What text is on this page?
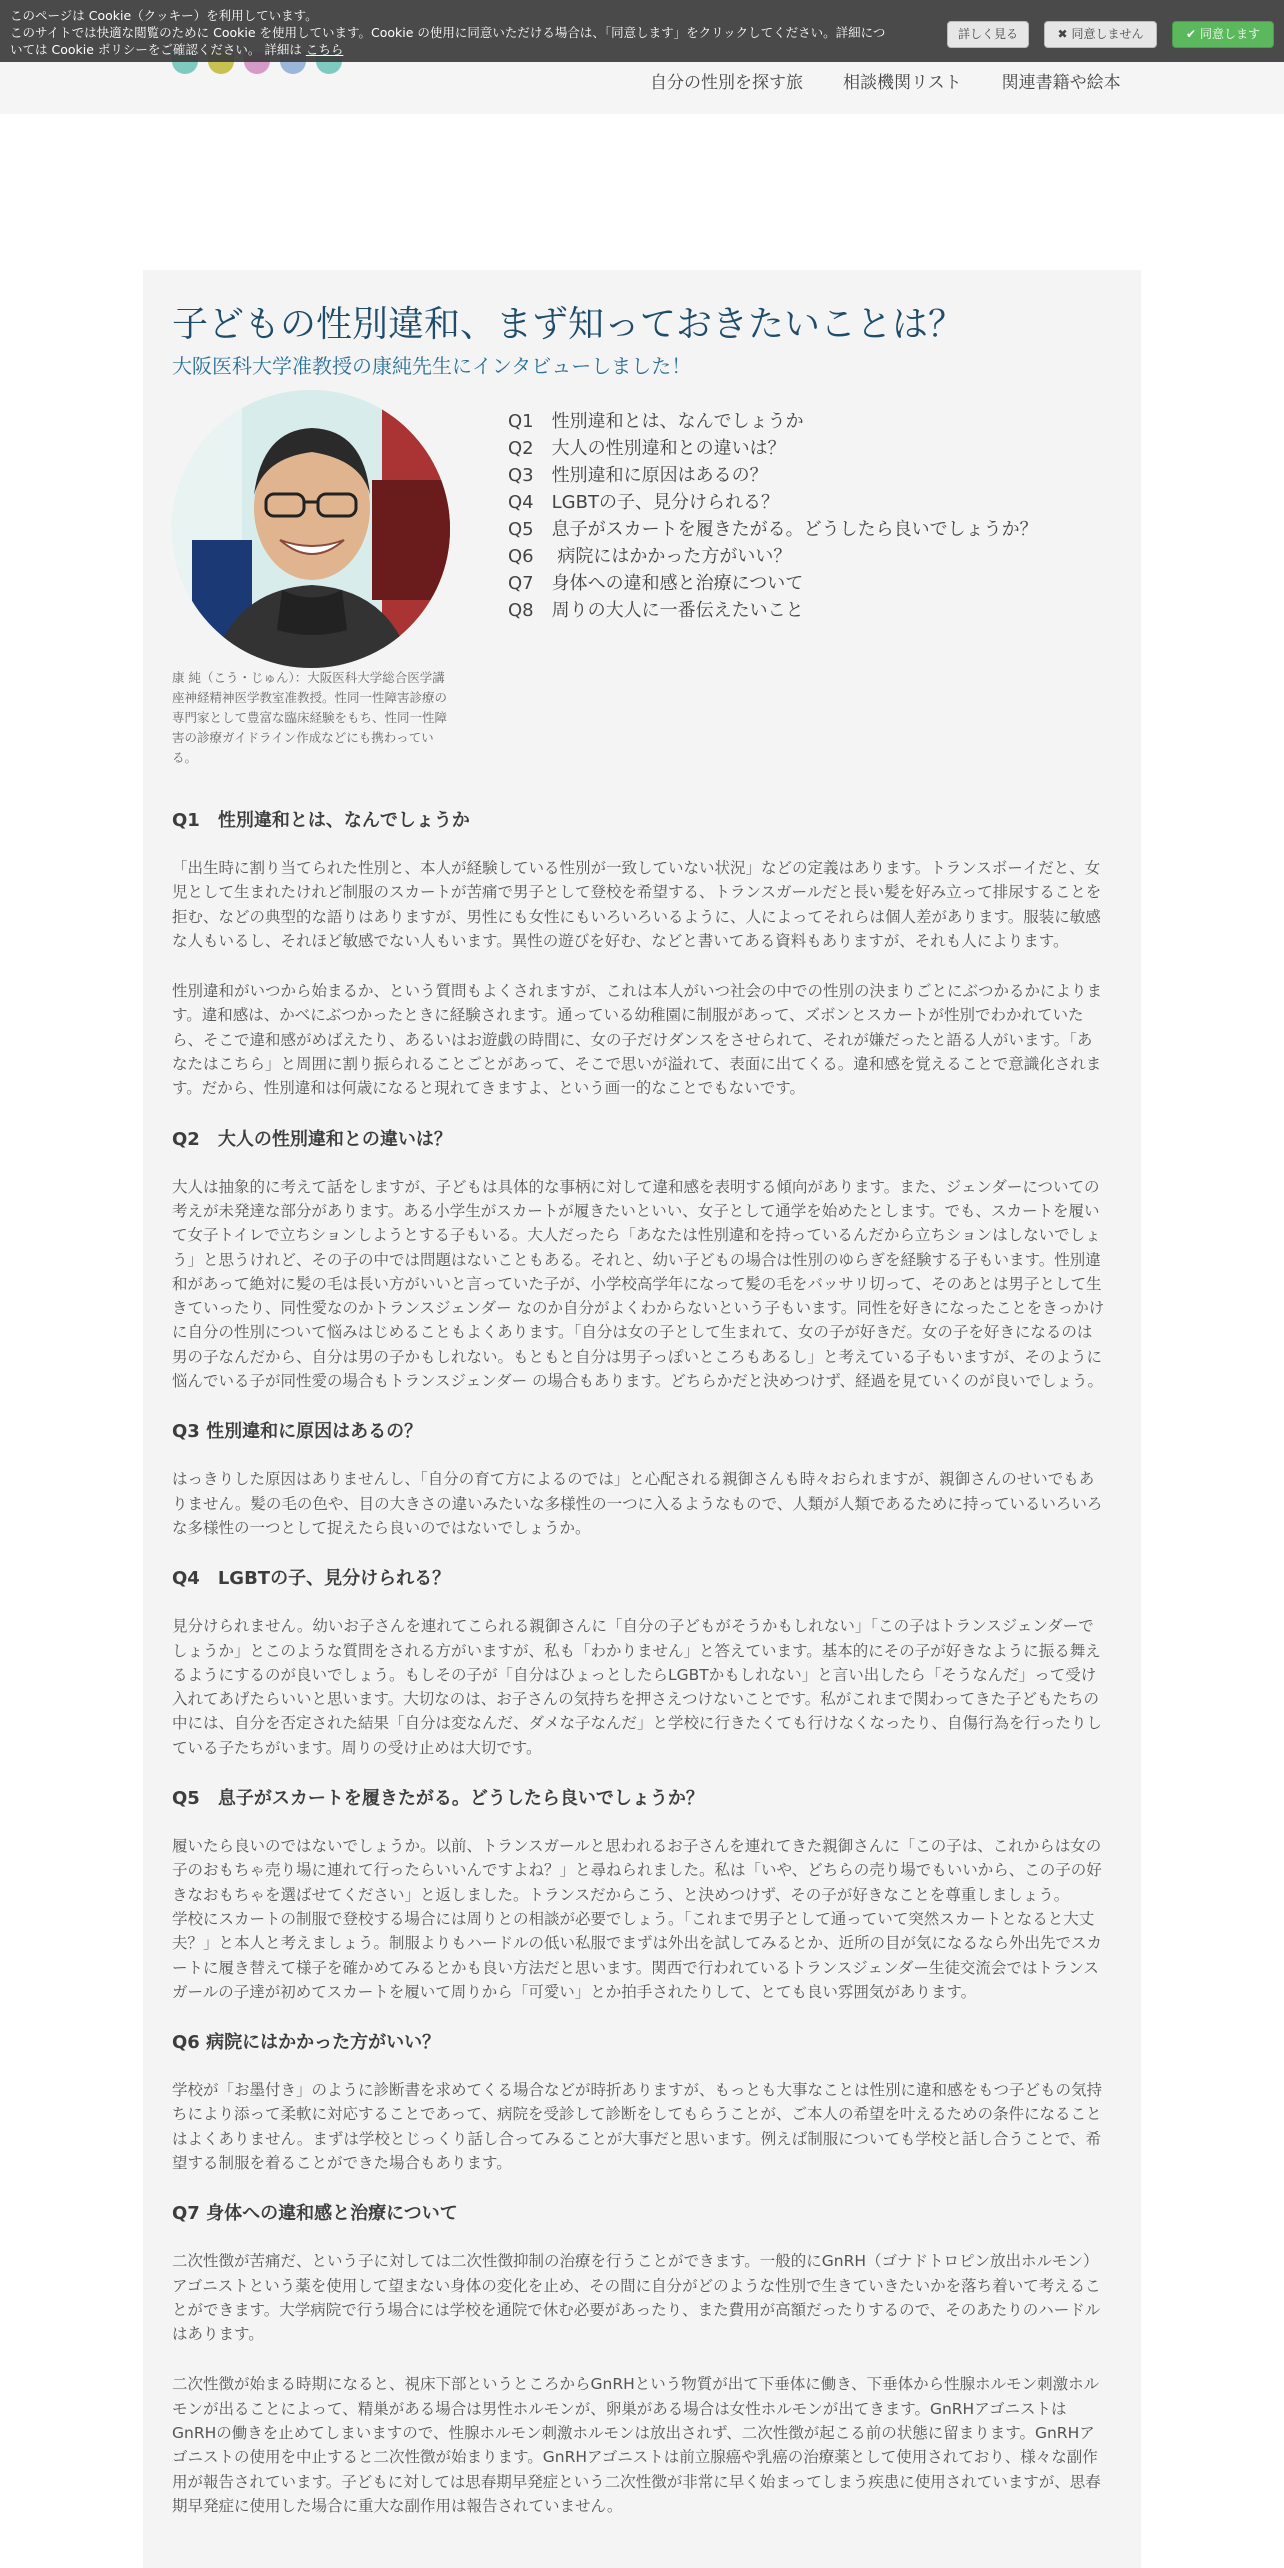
自分の性別を探す旅 相談機関リスト 関連書籍や絵本
このページは Cookie（クッキー）を利用しています。
このサイトでは快適な閲覧のために Cookie を使用しています。Cookie の使用に同意いただける場合は、「同意します」をクリックしてください。詳細につ
いては Cookie ポリシーをご確認ください。 詳細は こちら
詳しく見る	✖ 同意しません	✔ 同意します
子どもの性別違和、まず知っておきたいことは？
大阪医科大学准教授の康純先生にインタビューしました！
康 純（こう・じゅん）：大阪医科大学総合医学講座神経精神医学教室准教授。性同一性障害診療の専門家として豊富な臨床経験をもち、性同一性障害の診療ガイドライン作成などにも携わっている。
Q1　性別違和とは、なんでしょうか
Q2　大人の性別違和との違いは？
Q3　性別違和に原因はあるの？
Q4　LGBTの子、見分けられる？
Q5　息子がスカートを履きたがる。どうしたら良いでしょうか？
Q6　 病院にはかかった方がいい？
Q7　身体への違和感と治療について
Q8　周りの大人に一番伝えたいこと
Q1　性別違和とは、なんでしょうか

「出生時に割り当てられた性別と、本人が経験している性別が一致していない状況」などの定義はあります。トランスボーイだと、女児として生まれたけれど制服のスカートが苦痛で男子として登校を希望する、トランスガールだと長い髪を好み立って排尿することを拒む、などの典型的な語りはありますが、男性にも女性にもいろいろいるように、人によってそれらは個人差があります。服装に敏感な人もいるし、それほど敏感でない人もいます。異性の遊びを好む、などと書いてある資料もありますが、それも人によります。

性別違和がいつから始まるか、という質問もよくされますが、これは本人がいつ社会の中での性別の決まりごとにぶつかるかによります。違和感は、かべにぶつかったときに経験されます。通っている幼稚園に制服があって、ズボンとスカートが性別でわかれていたら、そこで違和感がめばえたり、あるいはお遊戯の時間に、女の子だけダンスをさせられて、それが嫌だったと語る人がいます。「あなたはこちら」と周囲に割り振られることごとがあって、そこで思いが溢れて、表面に出てくる。違和感を覚えることで意識化されます。だから、性別違和は何歳になると現れてきますよ、という画一的なことでもないです。

Q2　大人の性別違和との違いは？

大人は抽象的に考えて話をしますが、子どもは具体的な事柄に対して違和感を表明する傾向があります。また、ジェンダーについての考えが未発達な部分があります。ある小学生がスカートが履きたいといい、女子として通学を始めたとします。でも、スカートを履いて女子トイレで立ちションしようとする子もいる。大人だったら「あなたは性別違和を持っているんだから立ちションはしないでしょう」と思うけれど、その子の中では問題はないこともある。それと、幼い子どもの場合は性別のゆらぎを経験する子もいます。性別違和があって絶対に髪の毛は長い方がいいと言っていた子が、小学校高学年になって髪の毛をバッサリ切って、そのあとは男子として生きていったり、同性愛なのかトランスジェンダー なのか自分がよくわからないという子もいます。同性を好きになったことをきっかけに自分の性別について悩みはじめることもよくあります。「自分は女の子として生まれて、女の子が好きだ。女の子を好きになるのは男の子なんだから、自分は男の子かもしれない。もともと自分は男子っぽいところもあるし」と考えている子もいますが、そのように悩んでいる子が同性愛の場合もトランスジェンダー の場合もあります。どちらかだと決めつけず、経過を見ていくのが良いでしょう。

Q3 性別違和に原因はあるの？

はっきりした原因はありませんし、「自分の育て方によるのでは」と心配される親御さんも時々おられますが、親御さんのせいでもありません。髪の毛の色や、目の大きさの違いみたいな多様性の一つに入るようなもので、人類が人類であるために持っているいろいろな多様性の一つとして捉えたら良いのではないでしょうか。

Q4　LGBTの子、見分けられる？

見分けられません。幼いお子さんを連れてこられる親御さんに「自分の子どもがそうかもしれない」「この子はトランスジェンダーでしょうか」とこのような質問をされる方がいますが、私も「わかりません」と答えています。基本的にその子が好きなように振る舞えるようにするのが良いでしょう。もしその子が「自分はひょっとしたらLGBTかもしれない」と言い出したら「そうなんだ」って受け入れてあげたらいいと思います。大切なのは、お子さんの気持ちを押さえつけないことです。私がこれまで関わってきた子どもたちの中には、自分を否定された結果「自分は変なんだ、ダメな子なんだ」と学校に行きたくても行けなくなったり、自傷行為を行ったりしている子たちがいます。周りの受け止めは大切です。

Q5　息子がスカートを履きたがる。どうしたら良いでしょうか？

履いたら良いのではないでしょうか。以前、トランスガールと思われるお子さんを連れてきた親御さんに「この子は、これからは女の子のおもちゃ売り場に連れて行ったらいいんですよね？」と尋ねられました。私は「いや、どちらの売り場でもいいから、この子の好きなおもちゃを選ばせてください」と返しました。トランスだからこう、と決めつけず、その子が好きなことを尊重しましょう。

学校にスカートの制服で登校する場合には周りとの相談が必要でしょう。「これまで男子として通っていて突然スカートとなると大丈夫？」と本人と考えましょう。制服よりもハードルの低い私服でまずは外出を試してみるとか、近所の目が気になるなら外出先でスカートに履き替えて様子を確かめてみるとかも良い方法だと思います。関西で行われているトランスジェンダー生徒交流会ではトランスガールの子達が初めてスカートを履いて周りから「可愛い」とか拍手されたりして、とても良い雰囲気があります。

Q6 病院にはかかった方がいい？

学校が「お墨付き」のように診断書を求めてくる場合などが時折ありますが、もっとも大事なことは性別に違和感をもつ子どもの気持ちにより添って柔軟に対応することであって、病院を受診して診断をしてもらうことが、ご本人の希望を叶えるための条件になることはよくありません。まずは学校とじっくり話し合ってみることが大事だと思います。例えば制服についても学校と話し合うことで、希望する制服を着ることができた場合もあります。

Q7 身体への違和感と治療について

二次性徴が苦痛だ、という子に対しては二次性徴抑制の治療を行うことができます。一般的にGnRH（ゴナドトロピン放出ホルモン）アゴニストという薬を使用して望まない身体の変化を止め、その間に自分がどのような性別で生きていきたいかを落ち着いて考えることができます。大学病院で行う場合には学校を通院で休む必要があったり、また費用が高額だったりするので、そのあたりのハードルはあります。

二次性徴が始まる時期になると、視床下部というところからGnRHという物質が出て下垂体に働き、下垂体から性腺ホルモン刺激ホルモンが出ることによって、精巣がある場合は男性ホルモンが、卵巣がある場合は女性ホルモンが出てきます。GnRHアゴニストはGnRHの働きを止めてしまいますので、性腺ホルモン刺激ホルモンは放出されず、二次性徴が起こる前の状態に留まります。GnRHアゴニストの使用を中止すると二次性徴が始まります。GnRHアゴニストは前立腺癌や乳癌の治療薬として使用されており、様々な副作用が報告されています。子どもに対しては思春期早発症という二次性徴が非常に早く始まってしまう疾患に使用されていますが、思春期早発症に使用した場合に重大な副作用は報告されていません。
